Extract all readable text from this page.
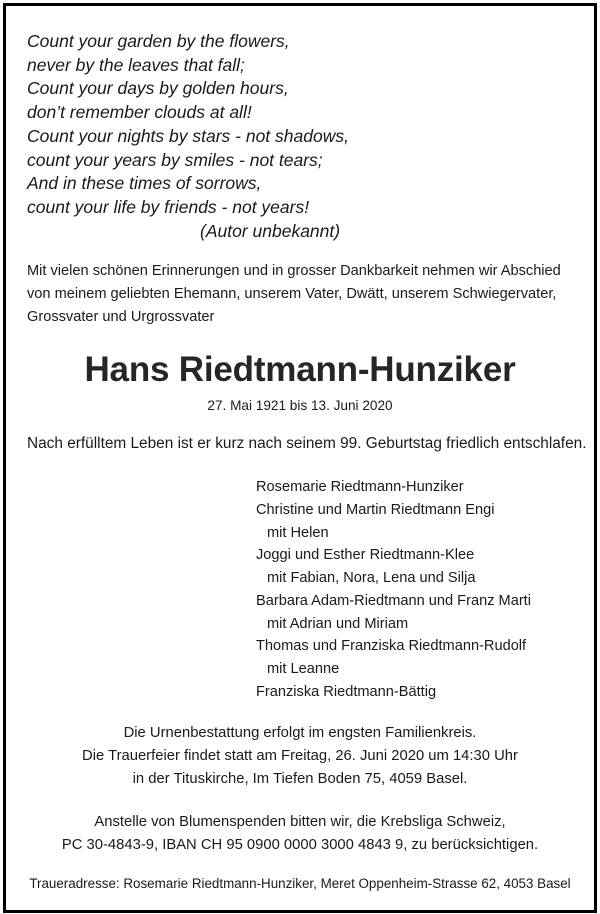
Count your garden by the flowers,
never by the leaves that fall;
Count your days by golden hours,
don’t remember clouds at all!
Count your nights by stars - not shadows,
count your years by smiles - not tears;
And in these times of sorrows,
count your life by friends - not years!
(Autor unbekannt)
Mit vielen schönen Erinnerungen und in grosser Dankbarkeit nehmen wir Abschied
von meinem geliebten Ehemann, unserem Vater, Dwätt, unserem Schwiegervater,
Grossvater und Urgrossvater
Hans Riedtmann-Hunziker
27. Mai 1921 bis 13. Juni 2020
Nach erfülltem Leben ist er kurz nach seinem 99. Geburtstag friedlich entschlafen.
Rosemarie Riedtmann-Hunziker
Christine und Martin Riedtmann Engi
mit Helen
Joggi und Esther Riedtmann-Klee
mit Fabian, Nora, Lena und Silja
Barbara Adam-Riedtmann und Franz Marti
mit Adrian und Miriam
Thomas und Franziska Riedtmann-Rudolf
mit Leanne
Franziska Riedtmann-Bättig
Die Urnenbestattung erfolgt im engsten Familienkreis.
Die Trauerfeier findet statt am Freitag, 26. Juni 2020 um 14:30 Uhr
in der Tituskirche, Im Tiefen Boden 75, 4059 Basel.
Anstelle von Blumenspenden bitten wir, die Krebsliga Schweiz,
PC 30-4843-9, IBAN CH 95 0900 0000 3000 4843 9, zu berücksichtigen.
Traueradresse: Rosemarie Riedtmann-Hunziker, Meret Oppenheim-Strasse 62, 4053 Basel
